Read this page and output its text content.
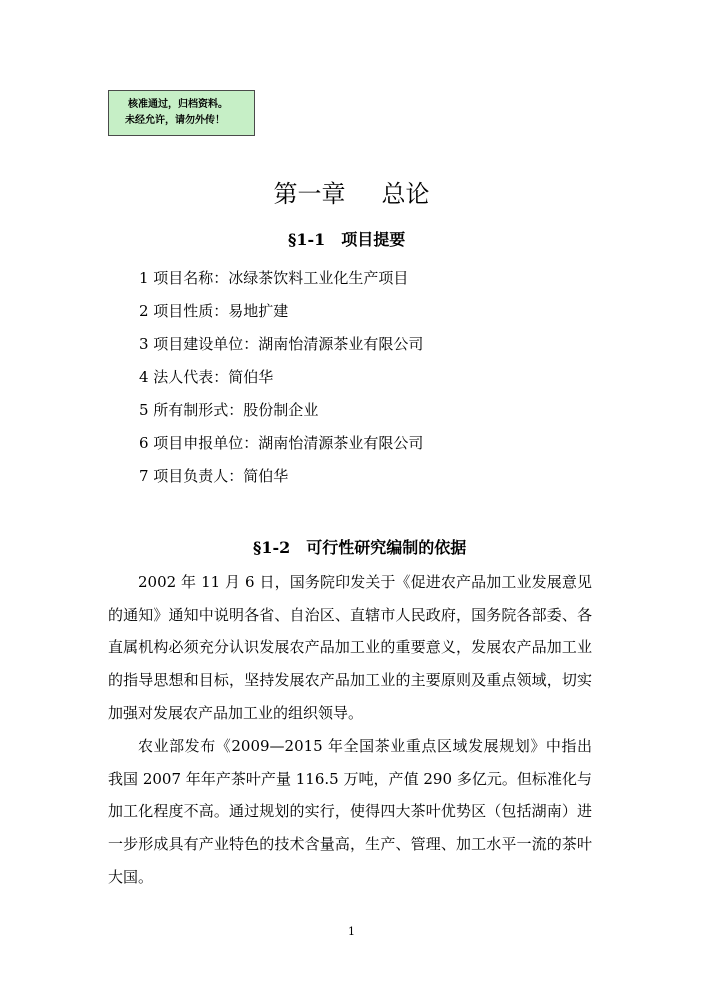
核准通过，归档资料。
未经允许，请勿外传！
第一章 总论
§1-1 项目提要
1 项目名称：冰绿茶饮料工业化生产项目
2 项目性质：易地扩建
3 项目建设单位：湖南怡清源茶业有限公司
4 法人代表：简伯华
5 所有制形式：股份制企业
6 项目申报单位：湖南怡清源茶业有限公司
7 项目负责人：简伯华
§1-2 可行性研究编制的依据

2002 年 11 月 6 日，国务院印发关于《促进农产品加工业发展意见的通知》通知中说明各省、自治区、直辖市人民政府，国务院各部委、各直属机构必须充分认识发展农产品加工业的重要意义，发展农产品加工业的指导思想和目标，坚持发展农产品加工业的主要原则及重点领域，切实加强对发展农产品加工业的组织领导。

农业部发布《2009—2015 年全国茶业重点区域发展规划》中指出我国 2007 年年产茶叶产量 116.5 万吨，产值 290 多亿元。但标准化与加工化程度不高。通过规划的实行，使得四大茶叶优势区（包括湖南）进一步形成具有产业特色的技术含量高，生产、管理、加工水平一流的茶叶大国。

1
